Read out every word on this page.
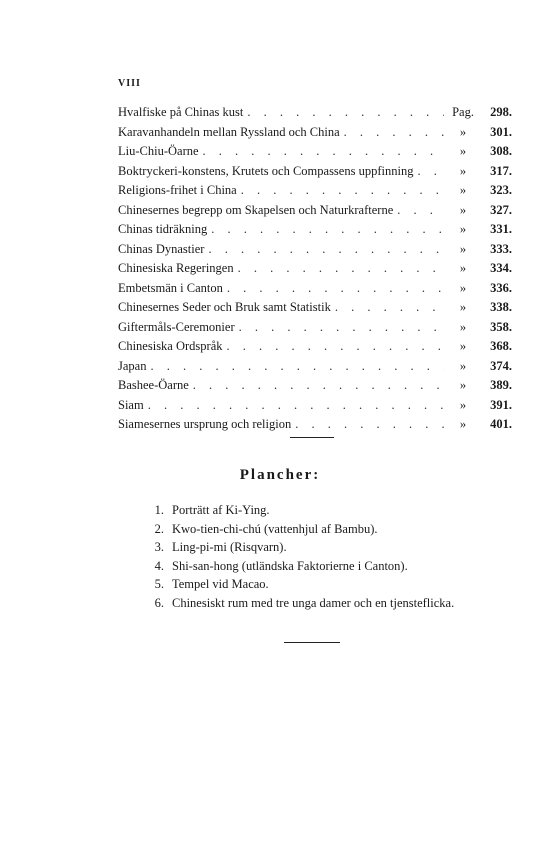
VIII
Hvalfiske på Chinas kust . . .	Pag.	298.
Karavanhandeln mellan Ryssland och China . . .	»	301.
Liu-Chiu-Öarne . . .	»	308.
Boktryckeri-konstens, Krutets och Compassens uppfinning . . .	»	317.
Religions-frihet i China . . .	»	323.
Chinesernes begrepp om Skapelsen och Naturkrafterne . . .	»	327.
Chinas tidräkning . . .	»	331.
Chinas Dynastier . . .	»	333.
Chinesiska Regeringen . . .	»	334.
Embetsmän i Canton . . .	»	336.
Chinesernes Seder och Bruk samt Statistik . . .	»	338.
Giftermåls-Ceremonier . . .	»	358.
Chinesiska Ordspråk . . .	»	368.
Japan . . .	»	374.
Bashee-Öarne . . .	»	389.
Siam . . .	»	391.
Siamesernes ursprung och religion . . .	»	401.
Plancher:
1. Porträtt af Ki-Ying.
2. Kwo-tien-chi-chú (vattenhjul af Bambu).
3. Ling-pi-mi (Risqvarn).
4. Shi-san-hong (utländska Faktorierne i Canton).
5. Tempel vid Macao.
6. Chinesiskt rum med tre unga damer och en tjensteflicka.
